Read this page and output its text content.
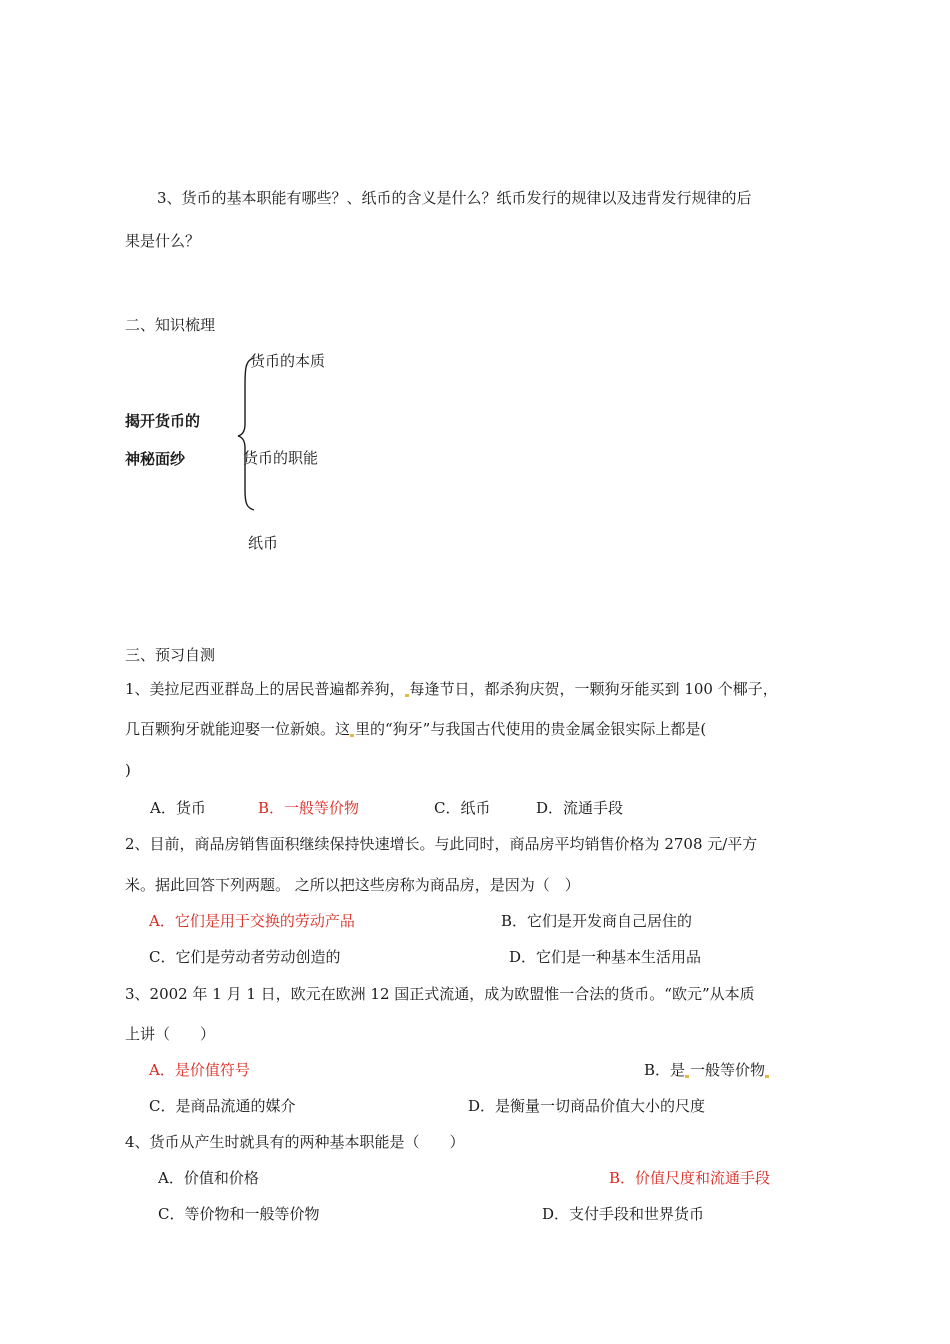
3、货币的基本职能有哪些？、纸币的含义是什么？纸币发行的规律以及违背发行规律的后
果是什么？
二、知识梳理
货币的本质
揭开货币的
神秘面纱	货币的职能
纸币
三、预习自测
1、美拉尼西亚群岛上的居民普遍都养狗， 每逢节日，都杀狗庆贺，一颗狗牙能买到 100 个椰子，
几百颗狗牙就能迎娶一位新娘。这 里的“狗牙”与我国古代使用的贵金属金银实际上都是(
)
A．货币	B．一般等价物	C．纸币	D．流通手段
2、目前，商品房销售面积继续保持快速增长。与此同时，商品房平均销售价格为 2708 元/平方
米。据此回答下列两题。 之所以把这些房称为商品房，是因为（　）
A．它们是用于交换的劳动产品	B．它们是开发商自己居住的
C．它们是劳动者劳动创造的	D．它们是一种基本生活用品
3、2002 年 1 月 1 日，欧元在欧洲 12 国正式流通，成为欧盟惟一合法的货币。“欧元”从本质
上讲（　　）
A．是价值符号	B．是 一般等价物
C．是商品流通的媒介	D．是衡量一切商品价值大小的尺度
4、货币从产生时就具有的两种基本职能是（　　）
A．价值和价格	B．价值尺度和流通手段
C．等价物和一般等价物	D．支付手段和世界货币
